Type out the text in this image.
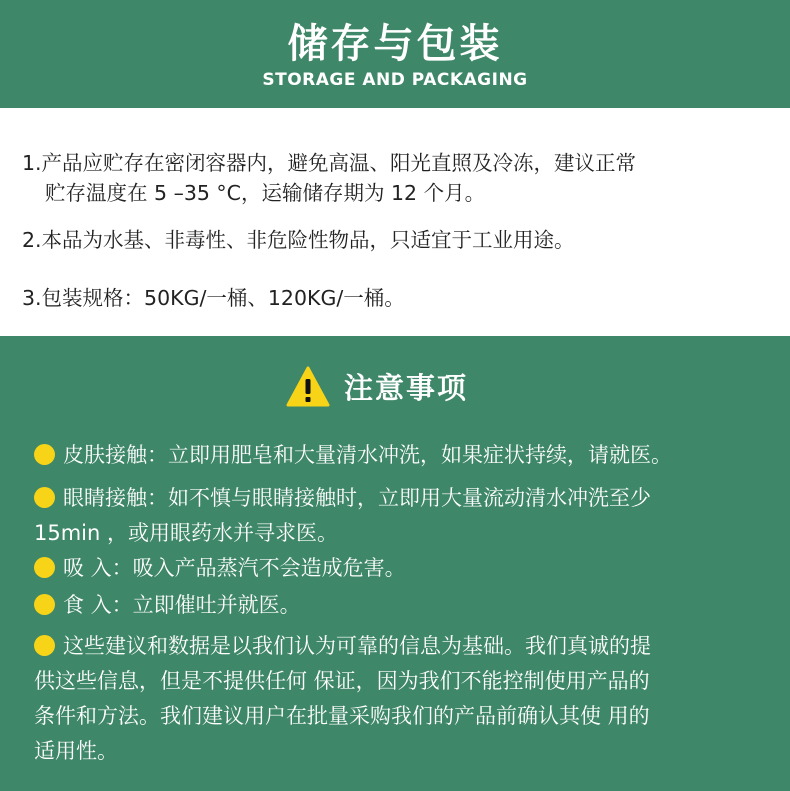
储存与包装
STORAGE AND PACKAGING
1.产品应贮存在密闭容器内，避免高温、阳光直照及冷冻，建议正常
贮存温度在 5 –35 °C，运输储存期为 12 个月。
2.本品为水基、非毒性、非危险性物品，只适宜于工业用途。
3.包装规格：50KG/一桶、120KG/一桶。
注意事项
皮肤接触：立即用肥皂和大量清水冲洗，如果症状持续，请就医。
眼睛接触：如不慎与眼睛接触时，立即用大量流动清水冲洗至少
15min ，或用眼药水并寻求医。
吸 入：吸入产品蒸汽不会造成危害。
食 入：立即催吐并就医。
这些建议和数据是以我们认为可靠的信息为基础。我们真诚的提
供这些信息，但是不提供任何 保证，因为我们不能控制使用产品的
条件和方法。我们建议用户在批量采购我们的产品前确认其使 用的
适用性。
